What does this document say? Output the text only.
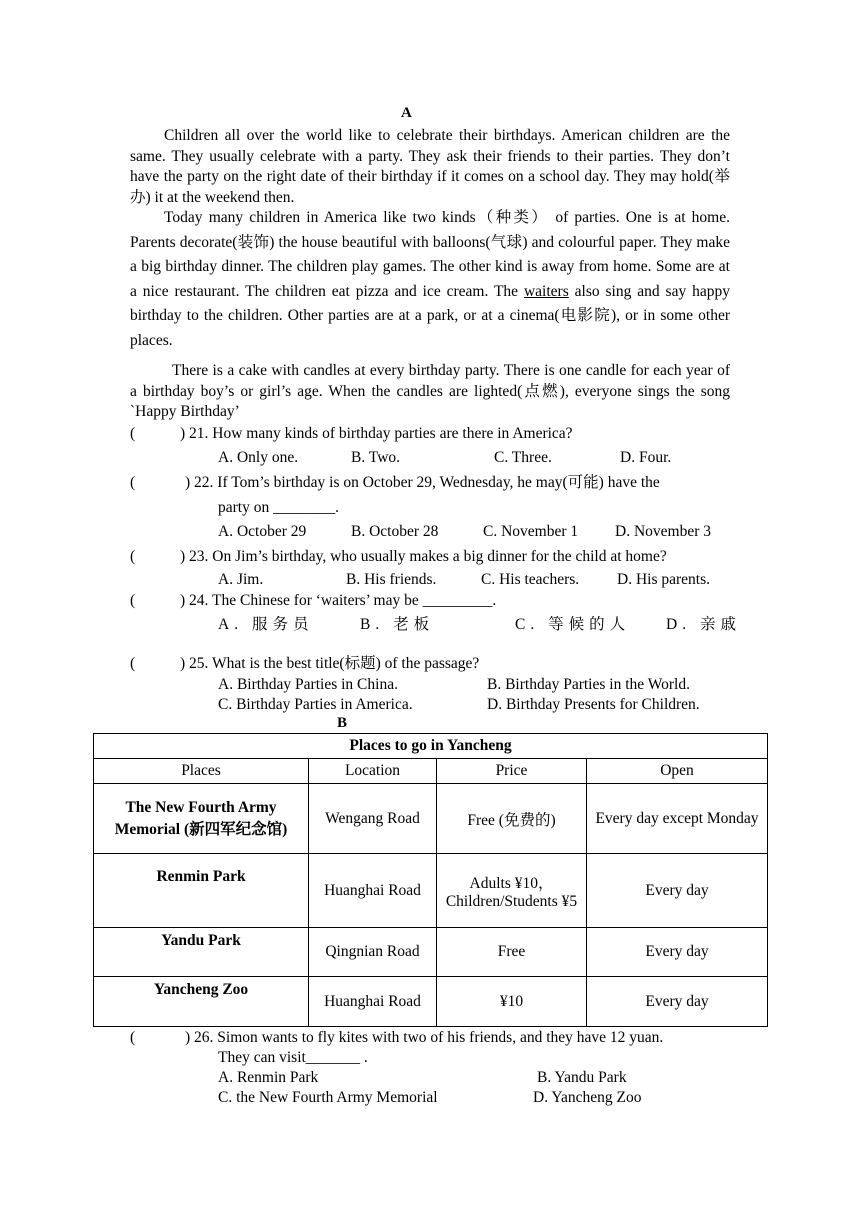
A

Children all over the world like to celebrate their birthdays. American children are the same. They usually celebrate with a party. They ask their friends to their parties. They don’t have the party on the right date of their birthday if it comes on a school day. They may hold(举办) it at the weekend then.

Today many children in America like two kinds（种类） of parties. One is at home. Parents decorate(装饰) the house beautiful with balloons(气球) and colourful paper. They make a big birthday dinner. The children play games. The other kind is away from home. Some are at a nice restaurant. The children eat pizza and ice cream. The waiters also sing and say happy birthday to the children. Other parties are at a park, or at a cinema(电影院), or in some other places.

There is a cake with candles at every birthday party. There is one candle for each year of a birthday boy’s or girl’s age. When the candles are lighted(点燃), everyone sings the song `Happy Birthday’

(	) 21. How many kinds of birthday parties are there in America?
A. Only one.	B. Two.	C. Three.	D. Four.
(	) 22. If Tom’s birthday is on October 29, Wednesday, he may(可能) have the
party on ________.
A. October 29	B. October 28	C. November 1 D. November 3
(	) 23. On Jim’s birthday, who usually makes a big dinner for the child at home?
A. Jim.	B. His friends.	C. His teachers. D. His parents.
(	) 24. The Chinese for ‘waiters’ may be _________.
A. 服务员	B. 老板	C. 等候的人 D. 亲戚
(	) 25. What is the best title(标题) of the passage?
A. Birthday Parties in China.	B. Birthday Parties in the World.
C. Birthday Parties in America.	D. Birthday Presents for Children.
B
Places to go in Yancheng			
Places	Location	Price	Open
The New Fourth Army Memorial (新四军纪念馆)	Wengang Road	Free (免费的)	Every day except Monday
Renmin Park	Huanghai Road	Adults ¥10，Children/Students ¥5	Every day
Yandu Park	Qingnian Road	Free	Every day
Yancheng Zoo	Huanghai Road	¥10	Every day
(	) 26. Simon wants to fly kites with two of his friends, and they have 12 yuan.
They can visit_______ .
A. Renmin Park	B. Yandu Park
C. the New Fourth Army Memorial	D. Yancheng Zoo
